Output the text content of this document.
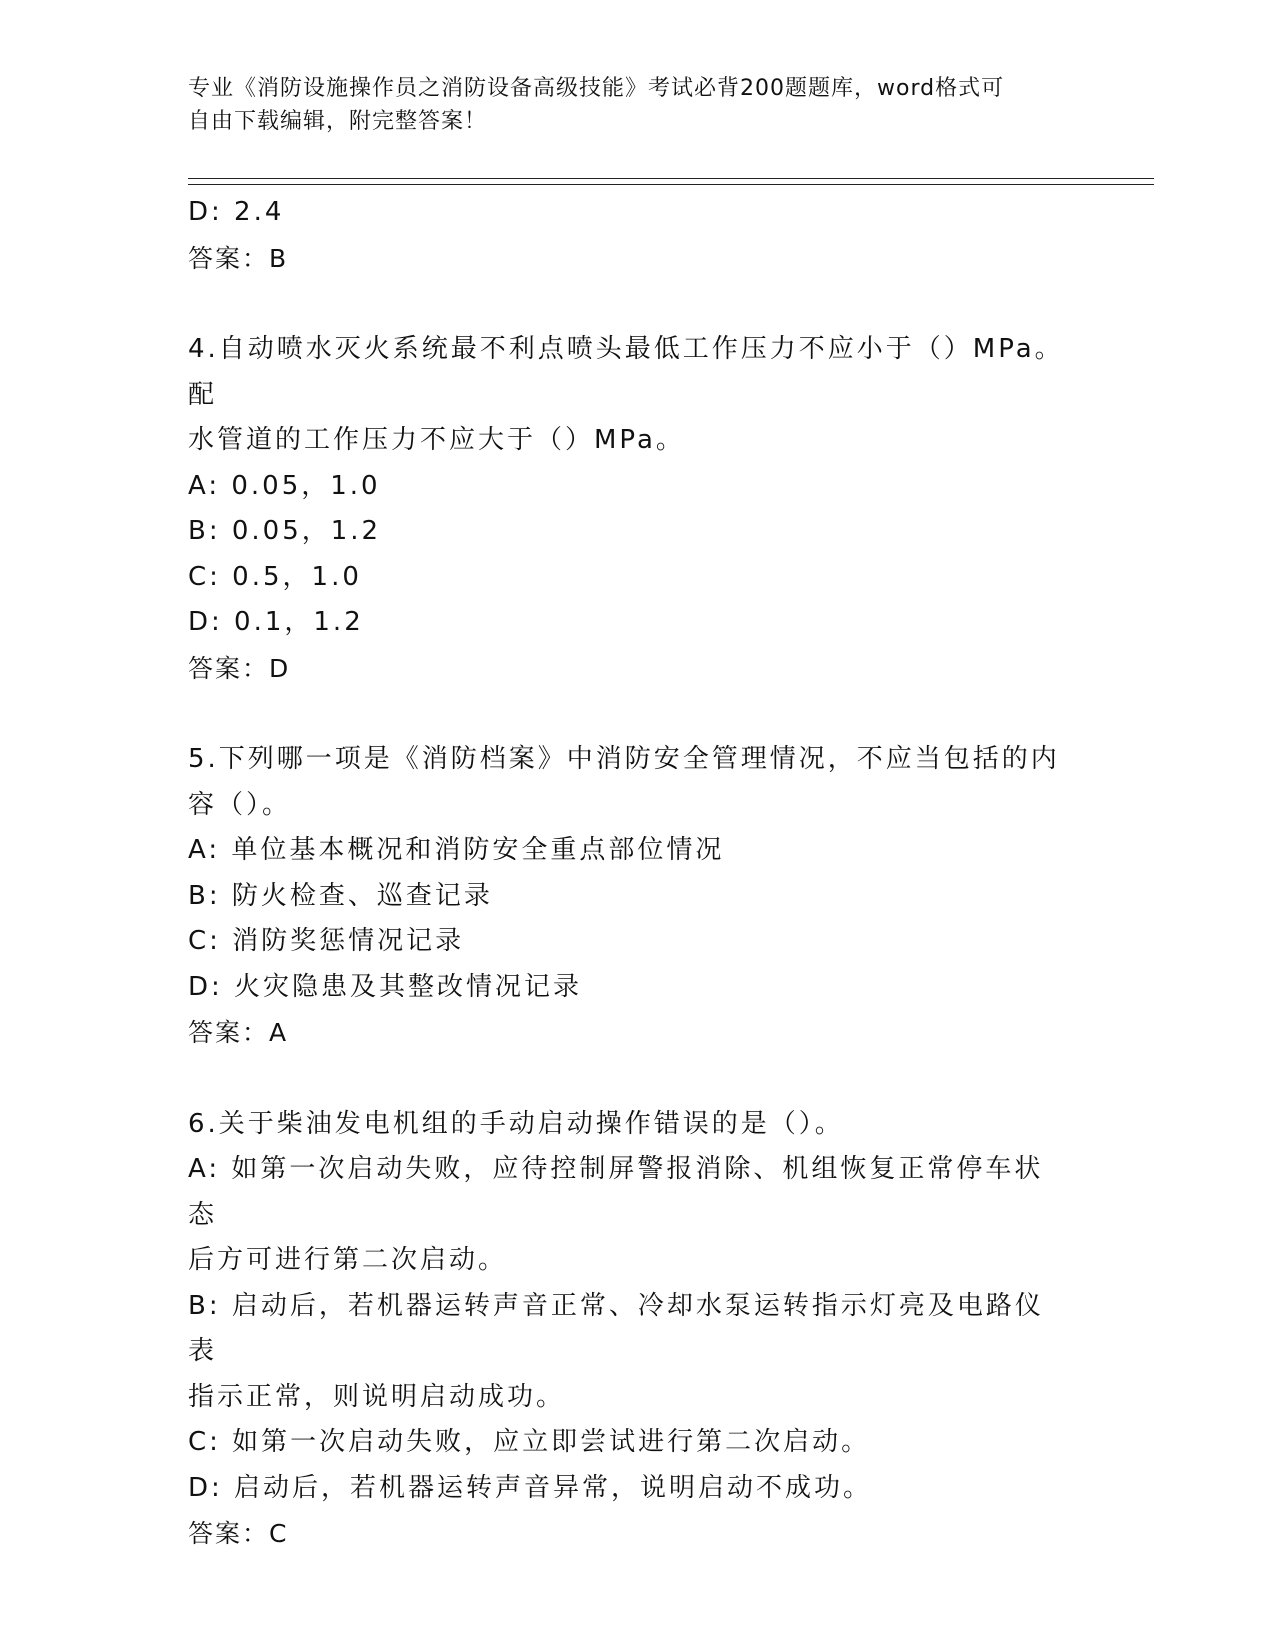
专业《消防设施操作员之消防设备高级技能》考试必背200题题库，word格式可
自由下载编辑，附完整答案！

D: 2.4

答案：B

4.自动喷水灭火系统最不利点喷头最低工作压力不应小于（）MPa。配

水管道的工作压力不应大于（）MPa。

A: 0.05，1.0

B: 0.05，1.2

C: 0.5，1.0

D: 0.1，1.2

答案：D

5.下列哪一项是《消防档案》中消防安全管理情况，不应当包括的内

容（）。

A: 单位基本概况和消防安全重点部位情况

B: 防火检查、巡查记录

C: 消防奖惩情况记录

D: 火灾隐患及其整改情况记录

答案：A

6.关于柴油发电机组的手动启动操作错误的是（）。

A: 如第一次启动失败，应待控制屏警报消除、机组恢复正常停车状态

后方可进行第二次启动。

B: 启动后，若机器运转声音正常、冷却水泵运转指示灯亮及电路仪表

指示正常，则说明启动成功。

C: 如第一次启动失败，应立即尝试进行第二次启动。

D: 启动后，若机器运转声音异常，说明启动不成功。

答案：C
